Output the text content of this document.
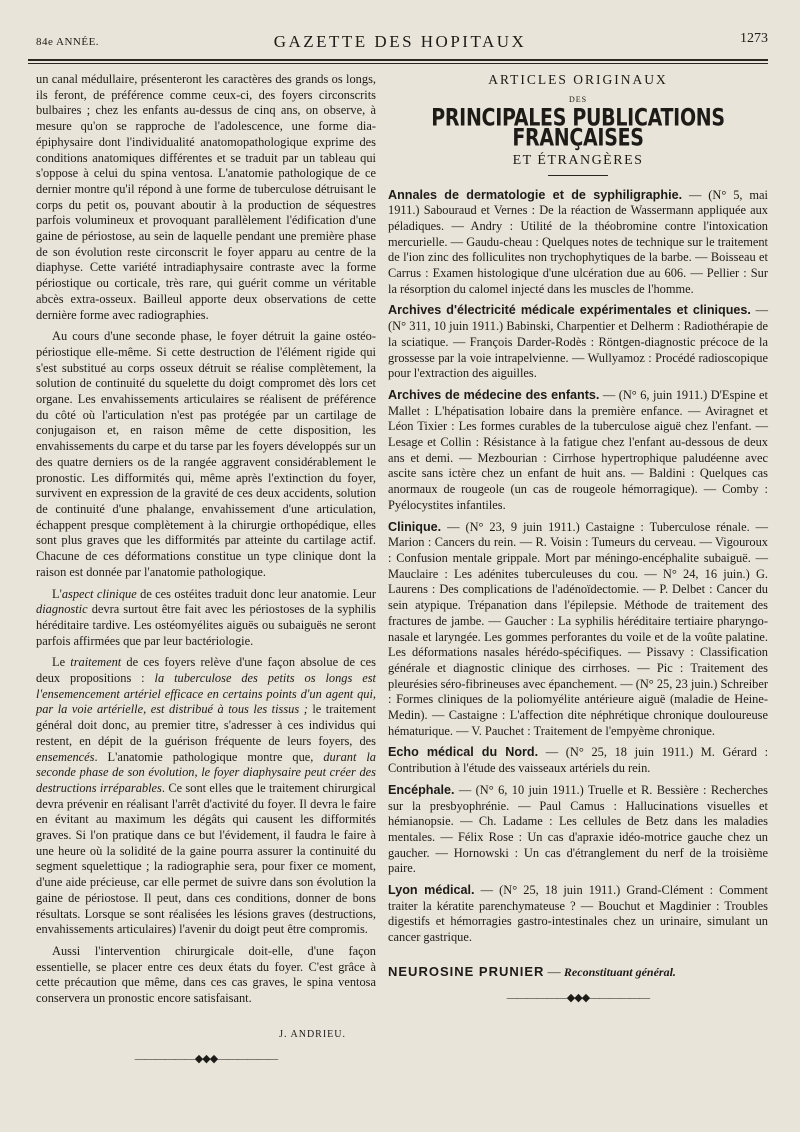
84e ANNÉE.	GAZETTE DES HOPITAUX	1273

un canal médullaire, présenteront les caractères des grands os longs, ils feront, de préférence comme ceux-ci, des foyers circonscrits bulbaires ; chez les enfants au-dessus de cinq ans, on observe, à mesure qu'on se rapproche de l'adolescence, une forme dia-épiphysaire dont l'individualité anatomopathologique exprime des conditions anatomiques différentes et se traduit par un tableau qui s'oppose à celui du spina ventosa. L'anatomie pathologique de ce dernier montre qu'il répond à une forme de tuberculose détruisant le corps du petit os, pouvant aboutir à la production de séquestres parfois volumineux et provoquant parallèlement l'édification d'une gaine de périostose, au sein de laquelle pendant une première phase de son évolution reste circonscrit le foyer apparu au centre de la diaphyse. Cette variété intradiaphysaire contraste avec la forme périostique ou corticale, très rare, qui guérit comme un véritable abcès extra-osseux. Bailleul apporte deux observations de cette dernière forme avec radiographies.

Au cours d'une seconde phase, le foyer détruit la gaine ostéo-périostique elle-même. Si cette destruction de l'élément rigide qui s'est substitué au corps osseux détruit se réalise complètement, la solution de continuité du squelette du doigt compromet dès lors cet organe. Les envahissements articulaires se réalisent de préférence du côté où l'articulation n'est pas protégée par un cartilage de conjugaison et, en raison même de cette disposition, les envahissements du carpe et du tarse par les foyers développés sur un des quatre derniers os de la rangée aggravent considérablement le pronostic. Les difformités qui, même après l'extinction du foyer, survivent en expression de la gravité de ces deux accidents, solution de continuité d'une phalange, envahissement d'une articulation, échappent presque complètement à la chirurgie orthopédique, elles sont plus graves que les difformités par atteinte du cartilage actif. Chacune de ces déformations constitue un type clinique dont la raison est donnée par l'anatomie pathologique.

L'aspect clinique de ces ostéites traduit donc leur anatomie. Leur diagnostic devra surtout être fait avec les périostoses de la syphilis héréditaire tardive. Les ostéomyélites aiguës ou subaiguës ne seront parfois affirmées que par leur bactériologie.

Le traitement de ces foyers relève d'une façon absolue de ces deux propositions : la tuberculose des petits os longs est l'ensemencement artériel efficace en certains points d'un agent qui, par la voie artérielle, est distribué à tous les tissus ; le traitement général doit donc, au premier titre, s'adresser à ces individus qui restent, en dépit de la guérison fréquente de leurs foyers, des ensemencés. L'anatomie pathologique montre que, durant la seconde phase de son évolution, le foyer diaphysaire peut créer des destructions irréparables. Ce sont elles que le traitement chirurgical devra prévenir en réalisant l'arrêt d'activité du foyer. Il devra le faire en évitant au maximum les dégâts qui causent les difformités graves. Si l'on pratique dans ce but l'évidement, il faudra le faire à une heure où la solidité de la gaine pourra assurer la continuité du segment squelettique ; la radiographie sera, pour fixer ce moment, d'une aide précieuse, car elle permet de suivre dans son évolution la gaine de périostose. Il peut, dans ces conditions, donner de bons résultats. Lorsque se sont réalisées les lésions graves (destructions, envahissements articulaires) l'avenir du doigt peut être compromis.

Aussi l'intervention chirurgicale doit-elle, d'une façon essentielle, se placer entre ces deux états du foyer. C'est grâce à cette précaution que même, dans ces cas graves, le spina ventosa conservera un pronostic encore satisfaisant.

J. ANDRIEU.
——————◆◆◆——————
ARTICLES ORIGINAUX
DES
PRINCIPALES PUBLICATIONS FRANÇAISES
ET ÉTRANGÈRES

Annales de dermatologie et de syphiligraphie. — (N° 5, mai 1911.) Sabouraud et Vernes : De la réaction de Wassermann appliquée aux péladiques. — Andry : Utilité de la théobromine contre l'intoxication mercurielle. — Gaudu-cheau : Quelques notes de technique sur le traitement de l'ion zinc des folliculites non trychophytiques de la barbe. — Boisseau et Carrus : Examen histologique d'une ulcération due au 606. — Pellier : Sur la résorption du calomel injecté dans les muscles de l'homme.

Archives d'électricité médicale expérimentales et cliniques. — (N° 311, 10 juin 1911.) Babinski, Charpentier et Delherm : Radiothérapie de la sciatique. — François Darder-Rodès : Röntgen-diagnostic précoce de la grossesse par la voie intrapelvienne. — Wullyamoz : Procédé radioscopique pour l'extraction des aiguilles.

Archives de médecine des enfants. — (N° 6, juin 1911.) D'Espine et Mallet : L'hépatisation lobaire dans la première enfance. — Aviragnet et Léon Tixier : Les formes curables de la tuberculose aiguë chez l'enfant. — Lesage et Collin : Résistance à la fatigue chez l'enfant au-dessous de deux ans et demi. — Mezbourian : Cirrhose hypertrophique paludéenne avec ascite sans ictère chez un enfant de huit ans. — Baldini : Quelques cas anormaux de rougeole (un cas de rougeole hémorragique). — Comby : Pyélocystites infantiles.

Clinique. — (N° 23, 9 juin 1911.) Castaigne : Tuberculose rénale. — Marion : Cancers du rein. — R. Voisin : Tumeurs du cerveau. — Vigouroux : Confusion mentale grippale. Mort par méningo-encéphalite subaiguë. — Mauclaire : Les adénites tuberculeuses du cou. — N° 24, 16 juin.) G. Laurens : Des complications de l'adénoïdectomie. — P. Delbet : Cancer du sein atypique. Trépanation dans l'épilepsie. Méthode de traitement des fractures de jambe. — Gaucher : La syphilis héréditaire tertiaire pharyngo-nasale et laryngée. Les gommes perforantes du voile et de la voûte palatine. Les déformations nasales hérédo-spécifiques. — Pissavy : Classification générale et diagnostic clinique des cirrhoses. — Pic : Traitement des pleurésies séro-fibrineuses avec épanchement. — (N° 25, 23 juin.) Schreiber : Formes cliniques de la poliomyélite antérieure aiguë (maladie de Heine-Medin). — Castaigne : L'affection dite néphrétique chronique douloureuse hématurique. — V. Pauchet : Traitement de l'empyème chronique.

Echo médical du Nord. — (N° 25, 18 juin 1911.) M. Gérard : Contribution à l'étude des vaisseaux artériels du rein.

Encéphale. — (N° 6, 10 juin 1911.) Truelle et R. Bessière : Recherches sur la presbyophrénie. — Paul Camus : Hallucinations visuelles et hémianopsie. — Ch. Ladame : Les cellules de Betz dans les maladies mentales. — Félix Rose : Un cas d'apraxie idéo-motrice gauche chez un gaucher. — Hornowski : Un cas d'étranglement du nerf de la troisième paire.

Lyon médical. — (N° 25, 18 juin 1911.) Grand-Clément : Comment traiter la kératite parenchymateuse ? — Bouchut et Magdinier : Troubles digestifs et hémorragies gastro-intestinales chez un urinaire, simulant un cancer gastrique.

NEUROSINE PRUNIER — Reconstituant général.
——————◆◆◆——————
